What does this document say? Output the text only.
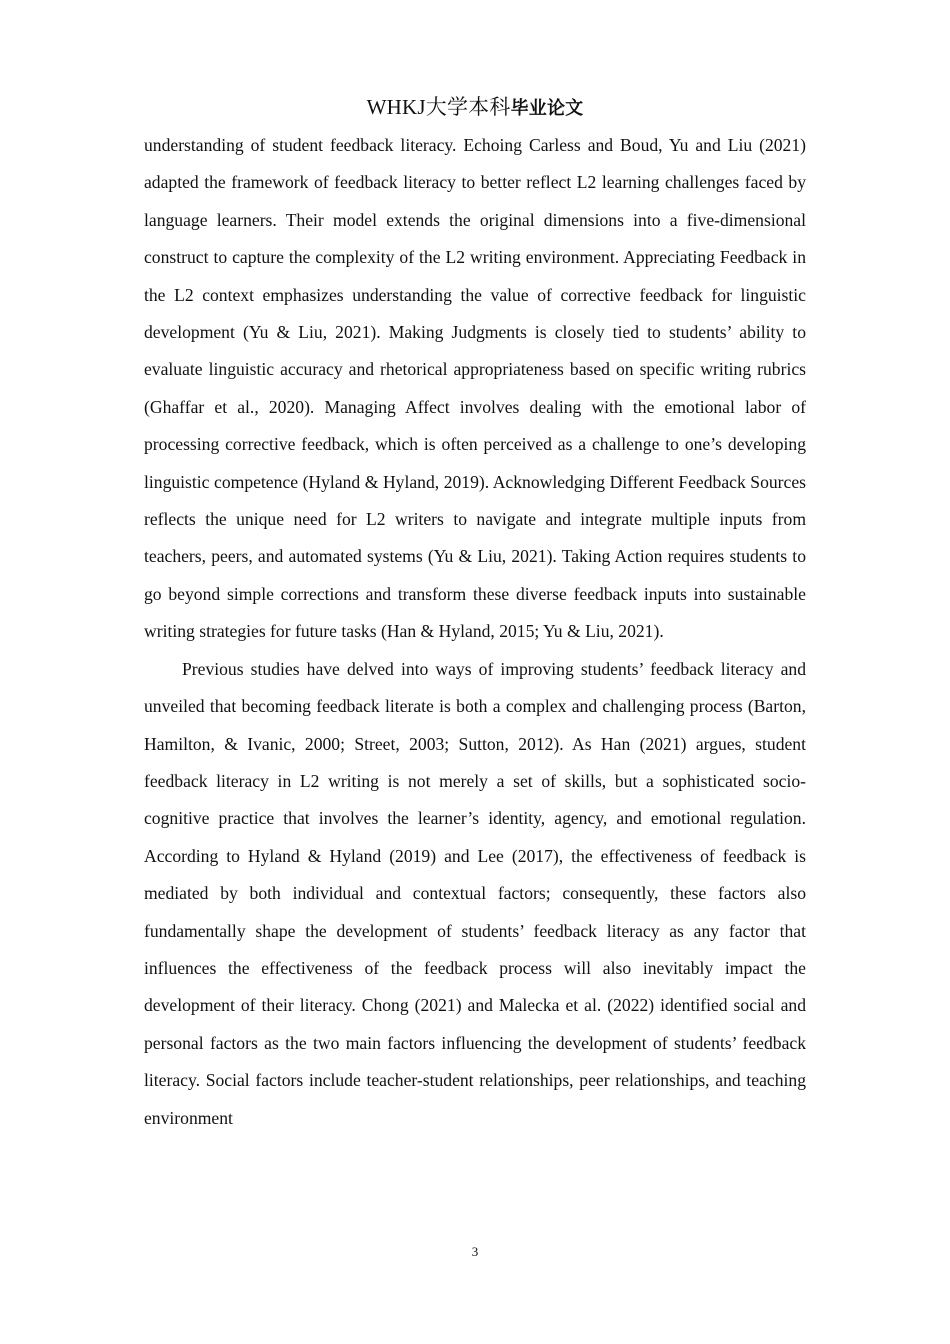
WHKJ大学本科毕业论文

understanding of student feedback literacy. Echoing Carless and Boud, Yu and Liu (2021) adapted the framework of feedback literacy to better reflect L2 learning challenges faced by language learners. Their model extends the original dimensions into a five-dimensional construct to capture the complexity of the L2 writing environment. Appreciating Feedback in the L2 context emphasizes understanding the value of corrective feedback for linguistic development (Yu & Liu, 2021). Making Judgments is closely tied to students’ ability to evaluate linguistic accuracy and rhetorical appropriateness based on specific writing rubrics (Ghaffar et al., 2020). Managing Affect involves dealing with the emotional labor of processing corrective feedback, which is often perceived as a challenge to one’s developing linguistic competence (Hyland & Hyland, 2019). Acknowledging Different Feedback Sources reflects the unique need for L2 writers to navigate and integrate multiple inputs from teachers, peers, and automated systems (Yu & Liu, 2021). Taking Action requires students to go beyond simple corrections and transform these diverse feedback inputs into sustainable writing strategies for future tasks (Han & Hyland, 2015; Yu & Liu, 2021).

Previous studies have delved into ways of improving students’ feedback literacy and unveiled that becoming feedback literate is both a complex and challenging process (Barton, Hamilton, & Ivanic, 2000; Street, 2003; Sutton, 2012). As Han (2021) argues, student feedback literacy in L2 writing is not merely a set of skills, but a sophisticated socio-cognitive practice that involves the learner’s identity, agency, and emotional regulation. According to Hyland & Hyland (2019) and Lee (2017), the effectiveness of feedback is mediated by both individual and contextual factors; consequently, these factors also fundamentally shape the development of students’ feedback literacy as any factor that influences the effectiveness of the feedback process will also inevitably impact the development of their literacy. Chong (2021) and Malecka et al. (2022) identified social and personal factors as the two main factors influencing the development of students’ feedback literacy. Social factors include teacher-student relationships, peer relationships, and teaching environment

3
